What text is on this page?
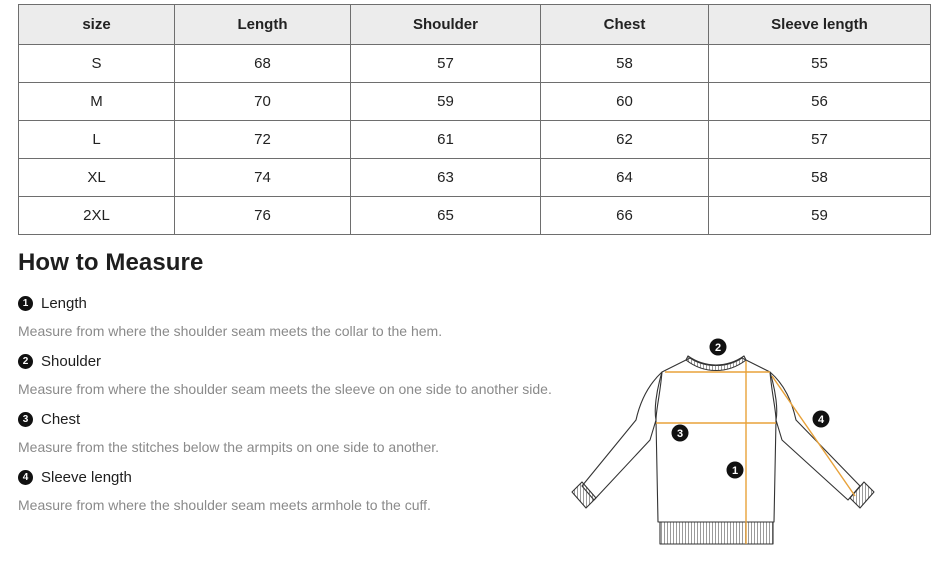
size	Length	Shoulder	Chest	Sleeve length
S	68	57	58	55
M	70	59	60	56
L	72	61	62	57
XL	74	63	64	58
2XL	76	65	66	59
How to Measure
1 Length
Measure from where the shoulder seam meets the collar to the hem.
2 Shoulder
Measure from where the shoulder seam meets the sleeve on one side to another side.
3 Chest
Measure from the stitches below the armpits on one side to another.
4 Sleeve length
Measure from where the shoulder seam meets armhole to the cuff.
2
3
1
4
